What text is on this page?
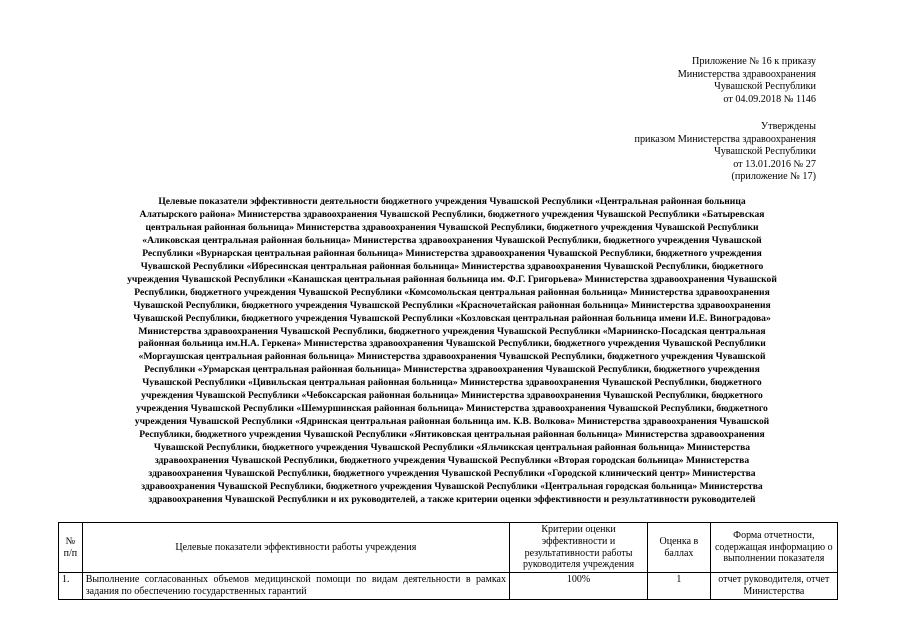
Приложение № 16 к приказу
Министерства здравоохранения
Чувашской Республики
от 04.09.2018 № 1146
Утверждены
приказом Министерства здравоохранения
Чувашской Республики
от 13.01.2016 № 27
(приложение № 17)
Целевые показатели эффективности деятельности бюджетного учреждения Чувашской Республики «Центральная районная больница
Алатырского района» Министерства здравоохранения Чувашской Республики, бюджетного учреждения Чувашской Республики «Батыревская
центральная районная больница» Министерства здравоохранения Чувашской Республики, бюджетного учреждения Чувашской Республики
«Аликовская центральная районная больница» Министерства здравоохранения Чувашской Республики, бюджетного учреждения Чувашской
Республики «Вурнарская центральная районная больница» Министерства здравоохранения Чувашской Республики, бюджетного учреждения
Чувашской Республики «Ибресинская центральная районная больница» Министерства здравоохранения Чувашской Республики, бюджетного
учреждения Чувашской Республики «Канашская центральная районная больница им. Ф.Г. Григорьева» Министерства здравоохранения Чувашской
Республики, бюджетного учреждения Чувашской Республики «Комсомольская центральная районная больница» Министерства здравоохранения
Чувашской Республики, бюджетного учреждения Чувашской Республики «Красночетайская районная больница» Министерства здравоохранения
Чувашской Республики, бюджетного учреждения Чувашской Республики «Козловская центральная районная больница имени И.Е. Виноградова»
Министерства здравоохранения Чувашской Республики, бюджетного учреждения Чувашской Республики «Мариинско-Посадская центральная
районная больница им.Н.А. Геркена» Министерства здравоохранения Чувашской Республики, бюджетного учреждения Чувашской Республики
«Моргаушская центральная районная больница» Министерства здравоохранения Чувашской Республики, бюджетного учреждения Чувашской
Республики «Урмарская центральная районная больница» Министерства здравоохранения Чувашской Республики, бюджетного учреждения
Чувашской Республики «Цивильская центральная районная больница» Министерства здравоохранения Чувашской Республики, бюджетного
учреждения Чувашской Республики «Чебоксарская районная больница» Министерства здравоохранения Чувашской Республики, бюджетного
учреждения Чувашской Республики «Шемуршинская районная больница» Министерства здравоохранения Чувашской Республики, бюджетного
учреждения Чувашской Республики «Ядринская центральная районная больница им. К.В. Волкова» Министерства здравоохранения Чувашской
Республики, бюджетного учреждения Чувашской Республики «Янтиковская центральная районная больница» Министерства здравоохранения
Чувашской Республики, бюджетного учреждения Чувашской Республики «Яльчикская центральная районная больница» Министерства
здравоохранения Чувашской Республики, бюджетного учреждения Чувашской Республики «Вторая городская больница» Министерства
здравоохранения Чувашской Республики, бюджетного учреждения Чувашской Республики «Городской клинический центр» Министерства
здравоохранения Чувашской Республики, бюджетного учреждения Чувашской Республики «Центральная городская больница» Министерства
здравоохранения Чувашской Республики и их руководителей, а также критерии оценки эффективности и результативности руководителей
№ п/п	Целевые показатели эффективности работы учреждения	Критерии оценки эффективности и результативности работы руководителя учреждения	Оценка в баллах	Форма отчетности, содержащая информацию о выполнении показателя
1.	Выполнение согласованных объемов медицинской помощи по видам деятельности в рамках задания по обеспечению государственных гарантий	100%	1	отчет руководителя, отчет Министерства
